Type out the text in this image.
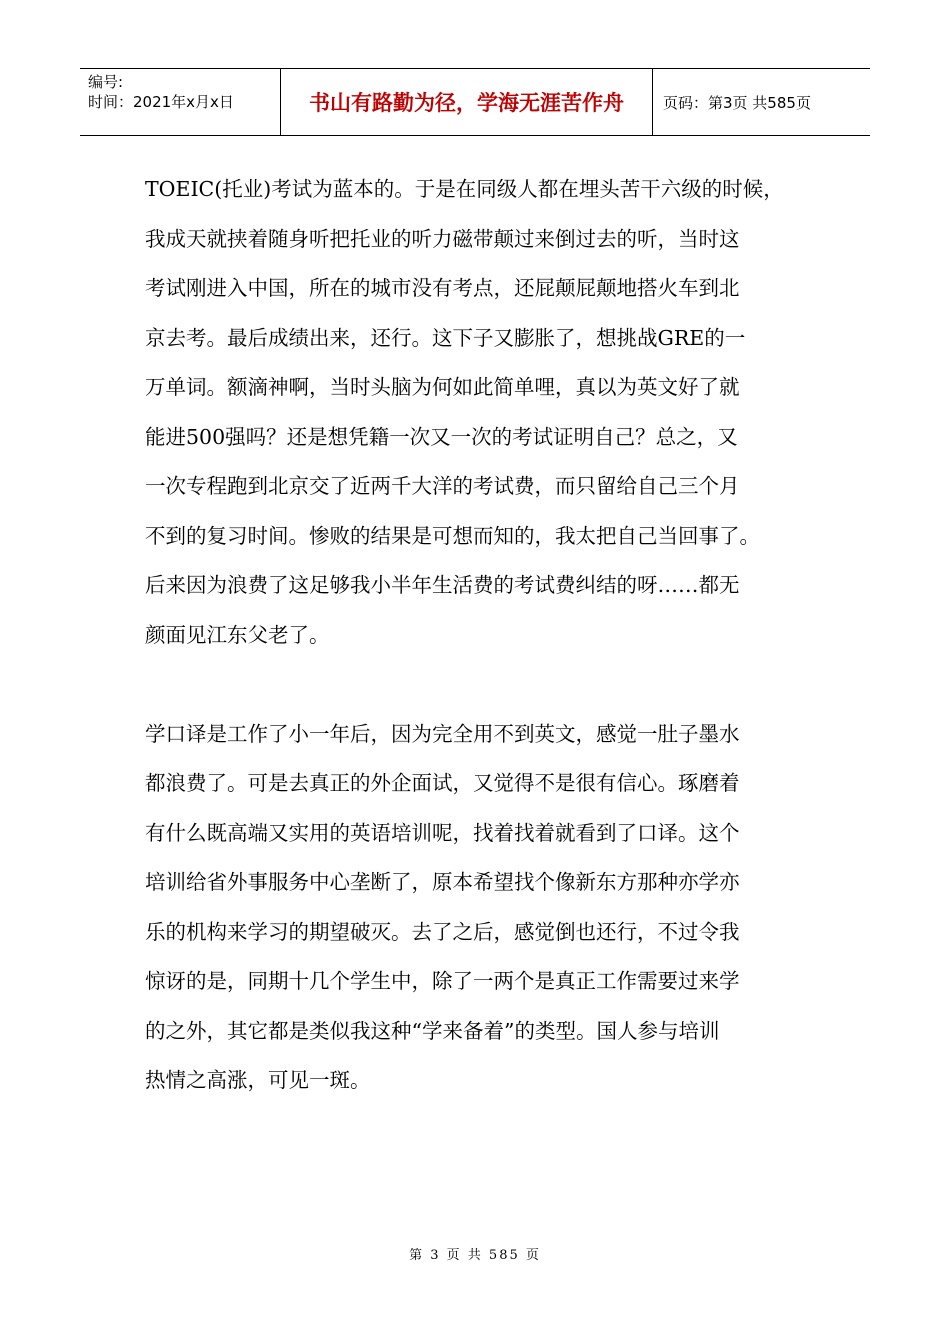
编号:
时间：2021年x月x日	书山有路勤为径，学海无涯苦作舟	页码：第3页 共585页

TOEIC(托业)考试为蓝本的。于是在同级人都在埋头苦干六级的时候，

我成天就挟着随身听把托业的听力磁带颠过来倒过去的听，当时这

考试刚进入中国，所在的城市没有考点，还屁颠屁颠地搭火车到北

京去考。最后成绩出来，还行。这下子又膨胀了，想挑战GRE的一

万单词。额滴神啊，当时头脑为何如此简单哩，真以为英文好了就

能进500强吗？还是想凭籍一次又一次的考试证明自己？总之，又

一次专程跑到北京交了近两千大洋的考试费，而只留给自己三个月

不到的复习时间。惨败的结果是可想而知的，我太把自己当回事了。

后来因为浪费了这足够我小半年生活费的考试费纠结的呀……都无

颜面见江东父老了。

学口译是工作了小一年后，因为完全用不到英文，感觉一肚子墨水

都浪费了。可是去真正的外企面试，又觉得不是很有信心。琢磨着

有什么既高端又实用的英语培训呢，找着找着就看到了口译。这个

培训给省外事服务中心垄断了，原本希望找个像新东方那种亦学亦

乐的机构来学习的期望破灭。去了之后，感觉倒也还行，不过令我

惊讶的是，同期十几个学生中，除了一两个是真正工作需要过来学

的之外，其它都是类似我这种“学来备着”的类型。国人参与培训

热情之高涨，可见一斑。

第 3 页 共 585 页
